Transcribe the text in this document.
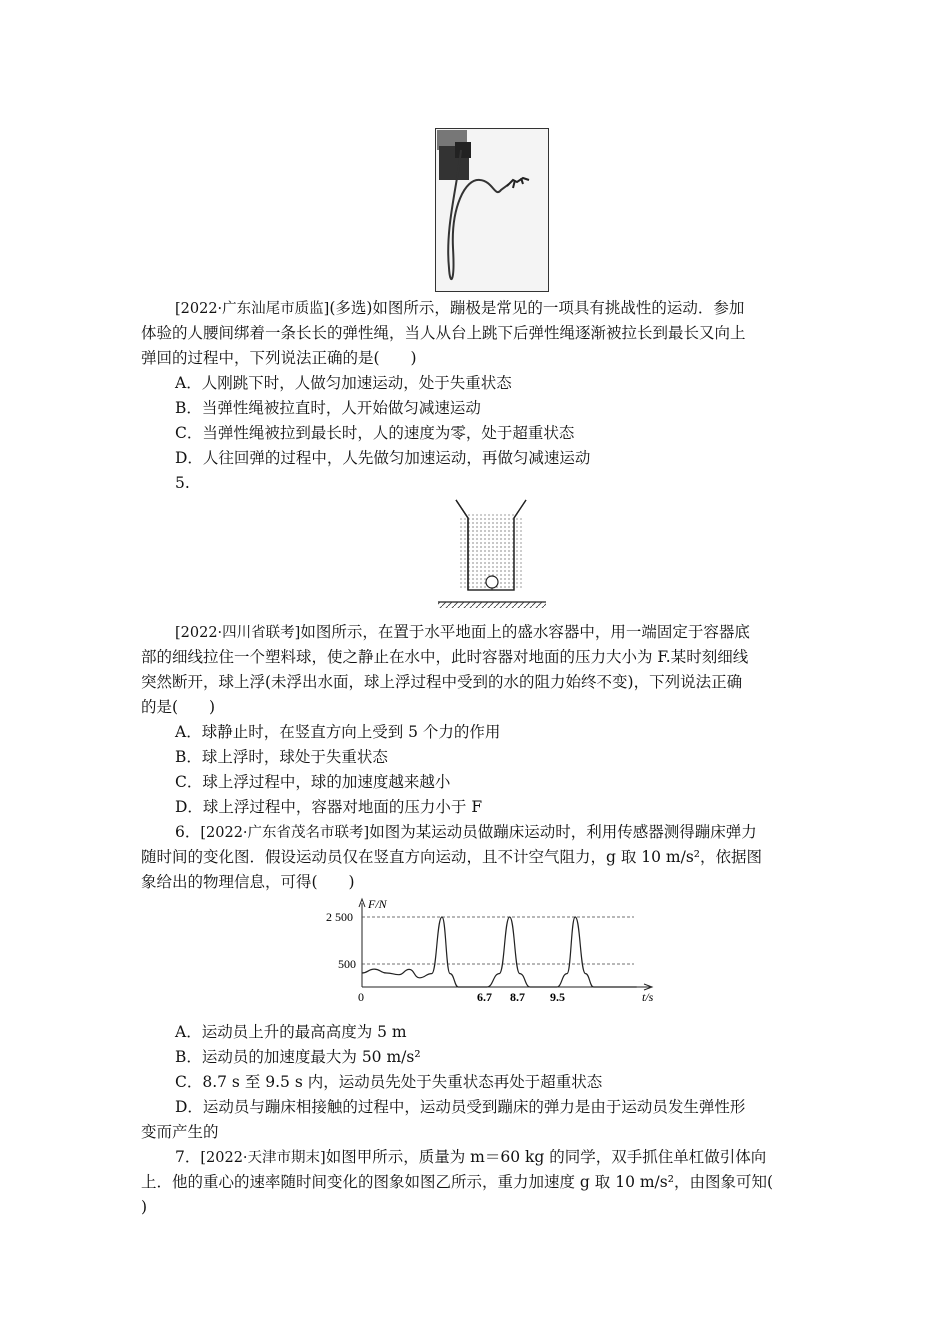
[2022·广东汕尾市质监](多选)如图所示，蹦极是常见的一项具有挑战性的运动．参加
体验的人腰间绑着一条长长的弹性绳，当人从台上跳下后弹性绳逐渐被拉长到最长又向上
弹回的过程中，下列说法正确的是(　　)
A．人刚跳下时，人做匀加速运动，处于失重状态
B．当弹性绳被拉直时，人开始做匀减速运动
C．当弹性绳被拉到最长时，人的速度为零，处于超重状态
D．人往回弹的过程中，人先做匀加速运动，再做匀减速运动
5.
[2022·四川省联考]如图所示，在置于水平地面上的盛水容器中，用一端固定于容器底
部的细线拉住一个塑料球，使之静止在水中，此时容器对地面的压力大小为 F.某时刻细线
突然断开，球上浮(未浮出水面，球上浮过程中受到的水的阻力始终不变)，下列说法正确
的是(　　)
A．球静止时，在竖直方向上受到 5 个力的作用
B．球上浮时，球处于失重状态
C．球上浮过程中，球的加速度越来越小
D．球上浮过程中，容器对地面的压力小于 F
6．[2022·广东省茂名市联考]如图为某运动员做蹦床运动时，利用传感器测得蹦床弹力
随时间的变化图．假设运动员仅在竖直方向运动，且不计空气阻力，g 取 10 m/s²，依据图
象给出的物理信息，可得(　　)
F/N
t/s
2 500
500
0	6.7 8.7 9.5
A．运动员上升的最高高度为 5 m
B．运动员的加速度最大为 50 m/s²
C．8.7 s 至 9.5 s 内，运动员先处于失重状态再处于超重状态
D．运动员与蹦床相接触的过程中，运动员受到蹦床的弹力是由于运动员发生弹性形
变而产生的
7．[2022·天津市期末]如图甲所示，质量为 m＝60 kg 的同学，双手抓住单杠做引体向
上．他的重心的速率随时间变化的图象如图乙所示，重力加速度 g 取 10 m/s²，由图象可知(
)
